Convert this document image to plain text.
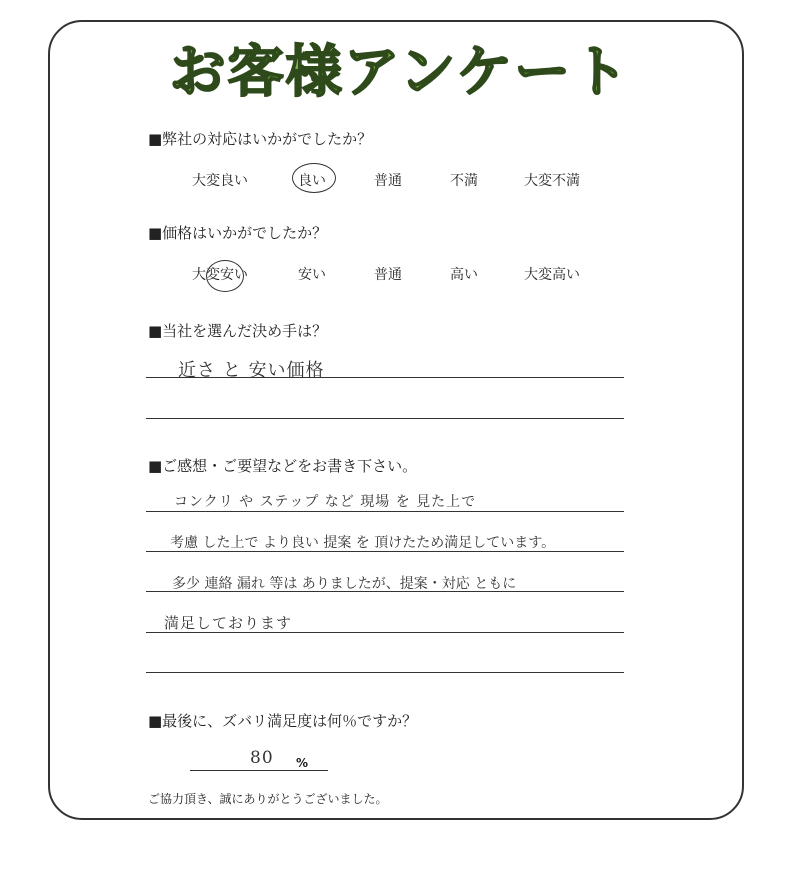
お客様アンケート
■弊社の対応はいかがでしたか？
大変良い	良い	普通	不満	大変不満
■価格はいかがでしたか？
大変安い	安い	普通	高い	大変高い
■当社を選んだ決め手は？
近さ と 安い価格
■ご感想・ご要望などをお書き下さい。
コンクリ や ステップ など 現場 を 見た上で
考慮 した上で より良い 提案 を 頂けたため満足しています。
多少 連絡 漏れ 等は ありましたが、提案・対応 ともに
満足しております
■最後に、ズバリ満足度は何％ですか？
80 %
ご協力頂き、誠にありがとうございました。
